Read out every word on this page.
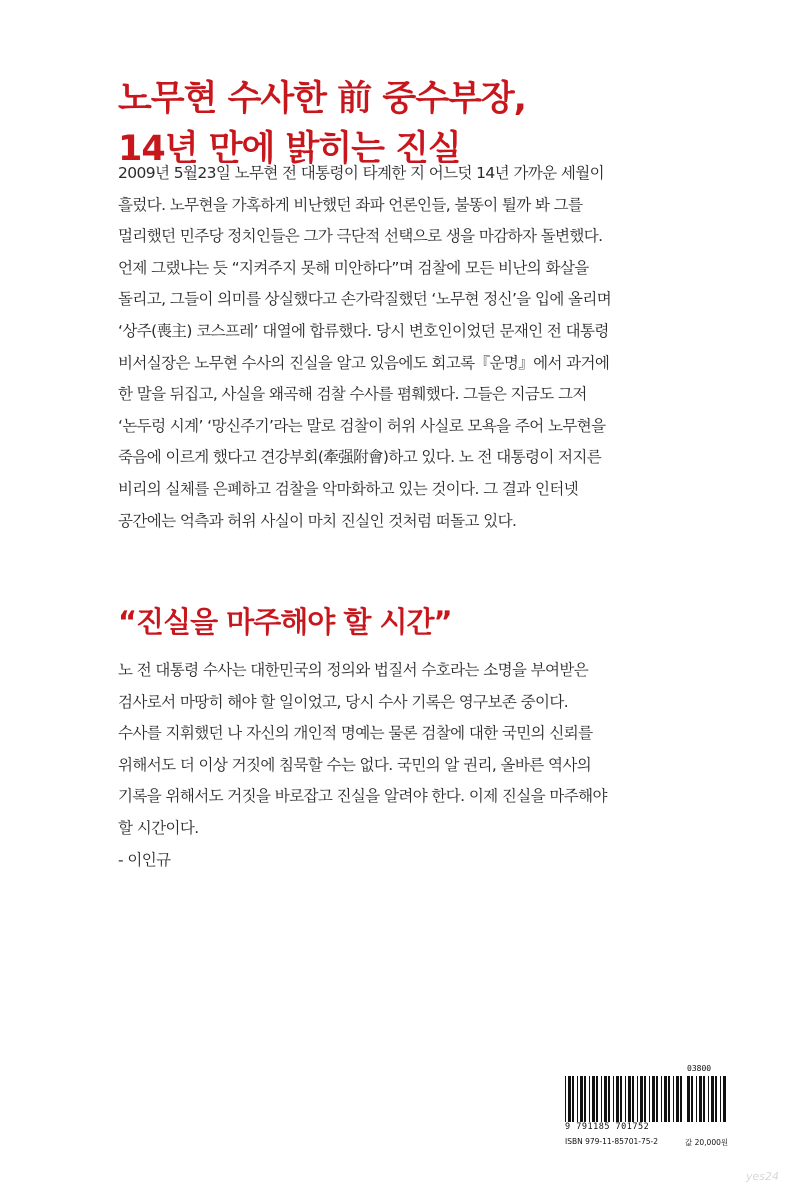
노무현 수사한 前 중수부장,
14년 만에 밝히는 진실
2009년 5월23일 노무현 전 대통령이 타계한 지 어느덧 14년 가까운 세월이
흘렀다. 노무현을 가혹하게 비난했던 좌파 언론인들, 불똥이 튈까 봐 그를
멀리했던 민주당 정치인들은 그가 극단적 선택으로 생을 마감하자 돌변했다.
언제 그랬냐는 듯 “지켜주지 못해 미안하다”며 검찰에 모든 비난의 화살을
돌리고, 그들이 의미를 상실했다고 손가락질했던 ‘노무현 정신’을 입에 올리며
‘상주(喪主) 코스프레’ 대열에 합류했다. 당시 변호인이었던 문재인 전 대통령
비서실장은 노무현 수사의 진실을 알고 있음에도 회고록『운명』에서 과거에
한 말을 뒤집고, 사실을 왜곡해 검찰 수사를 폄훼했다. 그들은 지금도 그저
‘논두렁 시계’ ‘망신주기’라는 말로 검찰이 허위 사실로 모욕을 주어 노무현을
죽음에 이르게 했다고 견강부회(牽强附會)하고 있다. 노 전 대통령이 저지른
비리의 실체를 은폐하고 검찰을 악마화하고 있는 것이다. 그 결과 인터넷
공간에는 억측과 허위 사실이 마치 진실인 것처럼 떠돌고 있다.
“진실을 마주해야 할 시간”
노 전 대통령 수사는 대한민국의 정의와 법질서 수호라는 소명을 부여받은
검사로서 마땅히 해야 할 일이었고, 당시 수사 기록은 영구보존 중이다.
수사를 지휘했던 나 자신의 개인적 명예는 물론 검찰에 대한 국민의 신뢰를
위해서도 더 이상 거짓에 침묵할 수는 없다. 국민의 알 권리, 올바른 역사의
기록을 위해서도 거짓을 바로잡고 진실을 알려야 한다. 이제 진실을 마주해야
할 시간이다.
- 이인규
03800
9 791185 701752
ISBN 979-11-85701-75-2	값 20,000원
yes24
